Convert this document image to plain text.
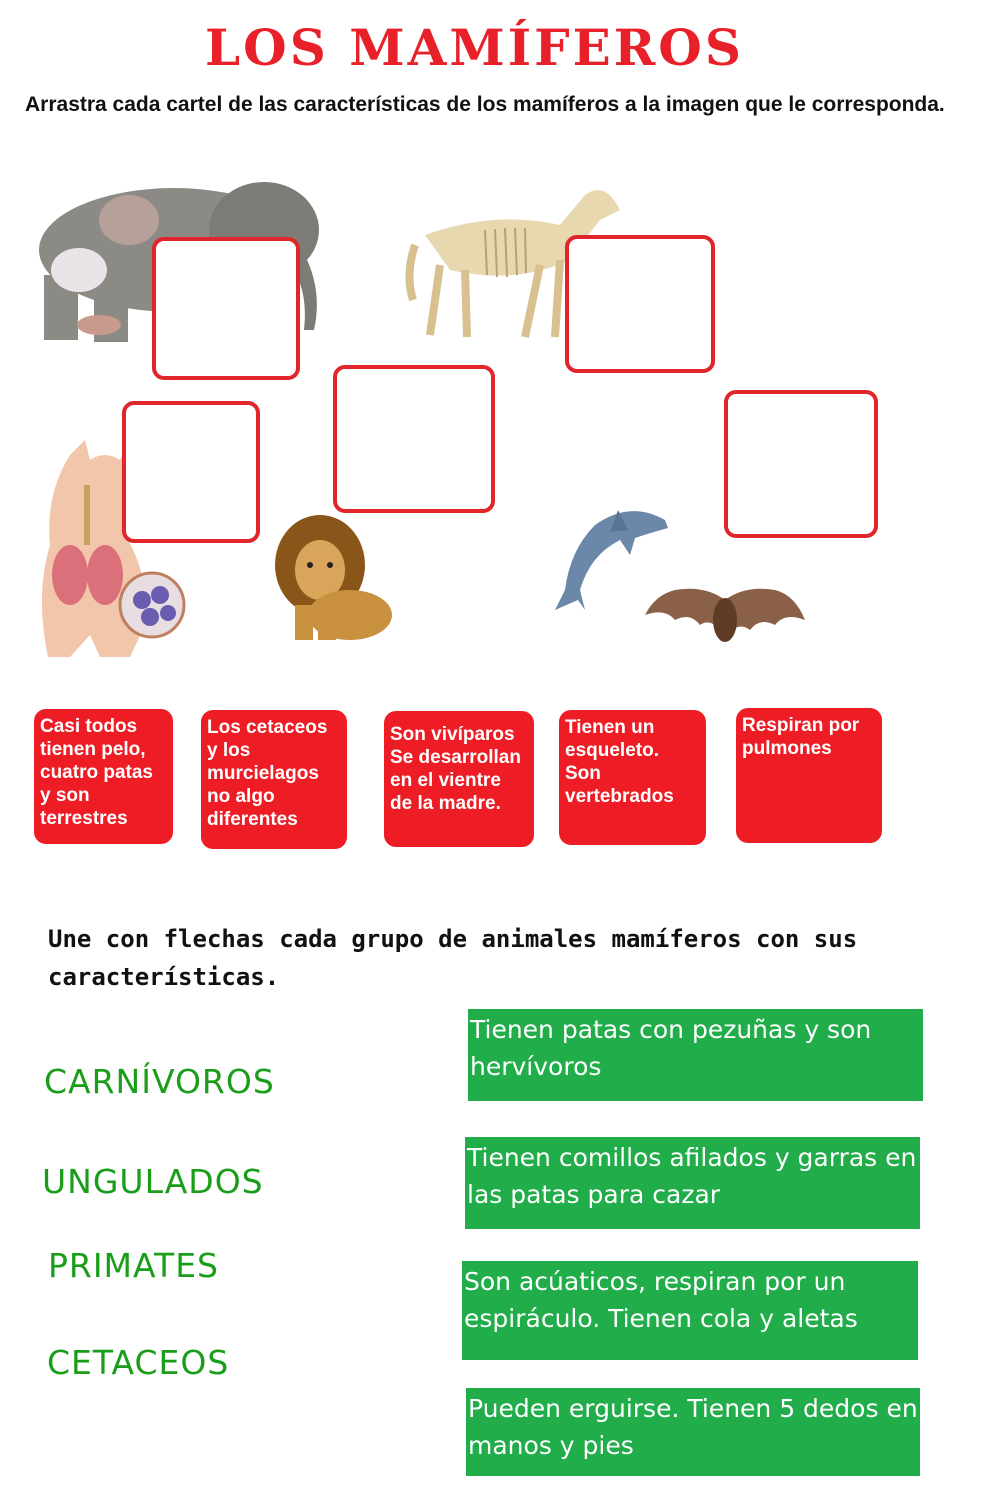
LOS MAMÍFEROS
Arrastra cada cartel de las características de los mamíferos a la imagen que le corresponda.
Casi todos tienen pelo, cuatro patas y son terrestres
Los cetaceos y los murcielagos no algo diferentes
Son vivíparos Se desarrollan en el vientre de la madre.
Tienen un esqueleto. Son vertebrados
Respiran por pulmones
Une con flechas cada grupo de animales mamíferos con sus características.
CARNÍVOROS
UNGULADOS
PRIMATES
CETACEOS
Tienen patas con pezuñas y son hervívoros
Tienen comillos afilados y garras en las patas para cazar
Son acúaticos, respiran por un espiráculo. Tienen cola y aletas
Pueden erguirse. Tienen 5 dedos en manos y pies
